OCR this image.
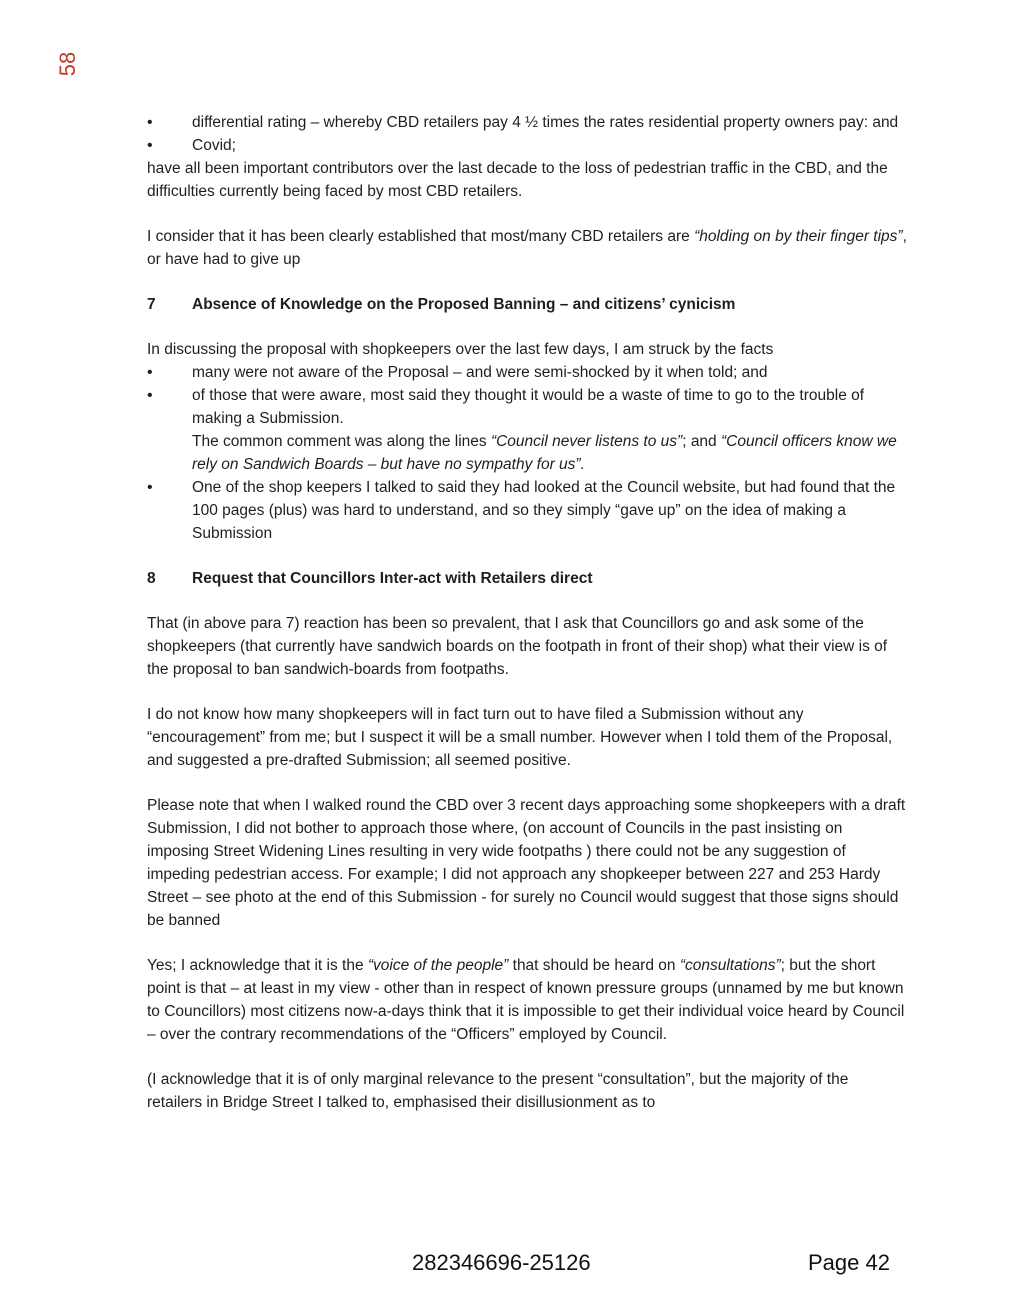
58
• differential rating – whereby CBD retailers pay 4 ½ times the rates residential property owners pay: and
• Covid;

have all been important contributors over the last decade to the loss of pedestrian traffic in the CBD, and the difficulties currently being faced by most CBD retailers.

I consider that it has been clearly established that most/many CBD retailers are “holding on by their finger tips”, or have had to give up

7	Absence of Knowledge on the Proposed Banning – and citizens’ cynicism

In discussing the proposal with shopkeepers over the last few days, I am struck by the facts

• many were not aware of the Proposal – and were semi-shocked by it when told; and
• of those that were aware, most said they thought it would be a waste of time to go to the trouble of making a Submission.
The common comment was along the lines “Council never listens to us”; and “Council officers know we rely on Sandwich Boards – but have no sympathy for us”.
• One of the shop keepers I talked to said they had looked at the Council website, but had found that the 100 pages (plus) was hard to understand, and so they simply “gave up” on the idea of making a Submission
8	Request that Councillors Inter-act with Retailers direct

That (in above para 7) reaction has been so prevalent, that I ask that Councillors go and ask some of the shopkeepers (that currently have sandwich boards on the footpath in front of their shop) what their view is of the proposal to ban sandwich-boards from footpaths.

I do not know how many shopkeepers will in fact turn out to have filed a Submission without any “encouragement” from me; but I suspect it will be a small number. However when I told them of the Proposal, and suggested a pre-drafted Submission; all seemed positive.

Please note that when I walked round the CBD over 3 recent days approaching some shopkeepers with a draft Submission, I did not bother to approach those where, (on account of Councils in the past insisting on imposing Street Widening Lines resulting in very wide footpaths ) there could not be any suggestion of impeding pedestrian access. For example; I did not approach any shopkeeper between 227 and 253 Hardy Street – see photo at the end of this Submission - for surely no Council would suggest that those signs should be banned

Yes; I acknowledge that it is the “voice of the people” that should be heard on “consultations”; but the short point is that – at least in my view - other than in respect of known pressure groups (unnamed by me but known to Councillors) most citizens now-a-days think that it is impossible to get their individual voice heard by Council – over the contrary recommendations of the “Officers” employed by Council.

(I acknowledge that it is of only marginal relevance to the present “consultation”, but the majority of the retailers in Bridge Street I talked to, emphasised their disillusionment as to

282346696-25126	Page 42
